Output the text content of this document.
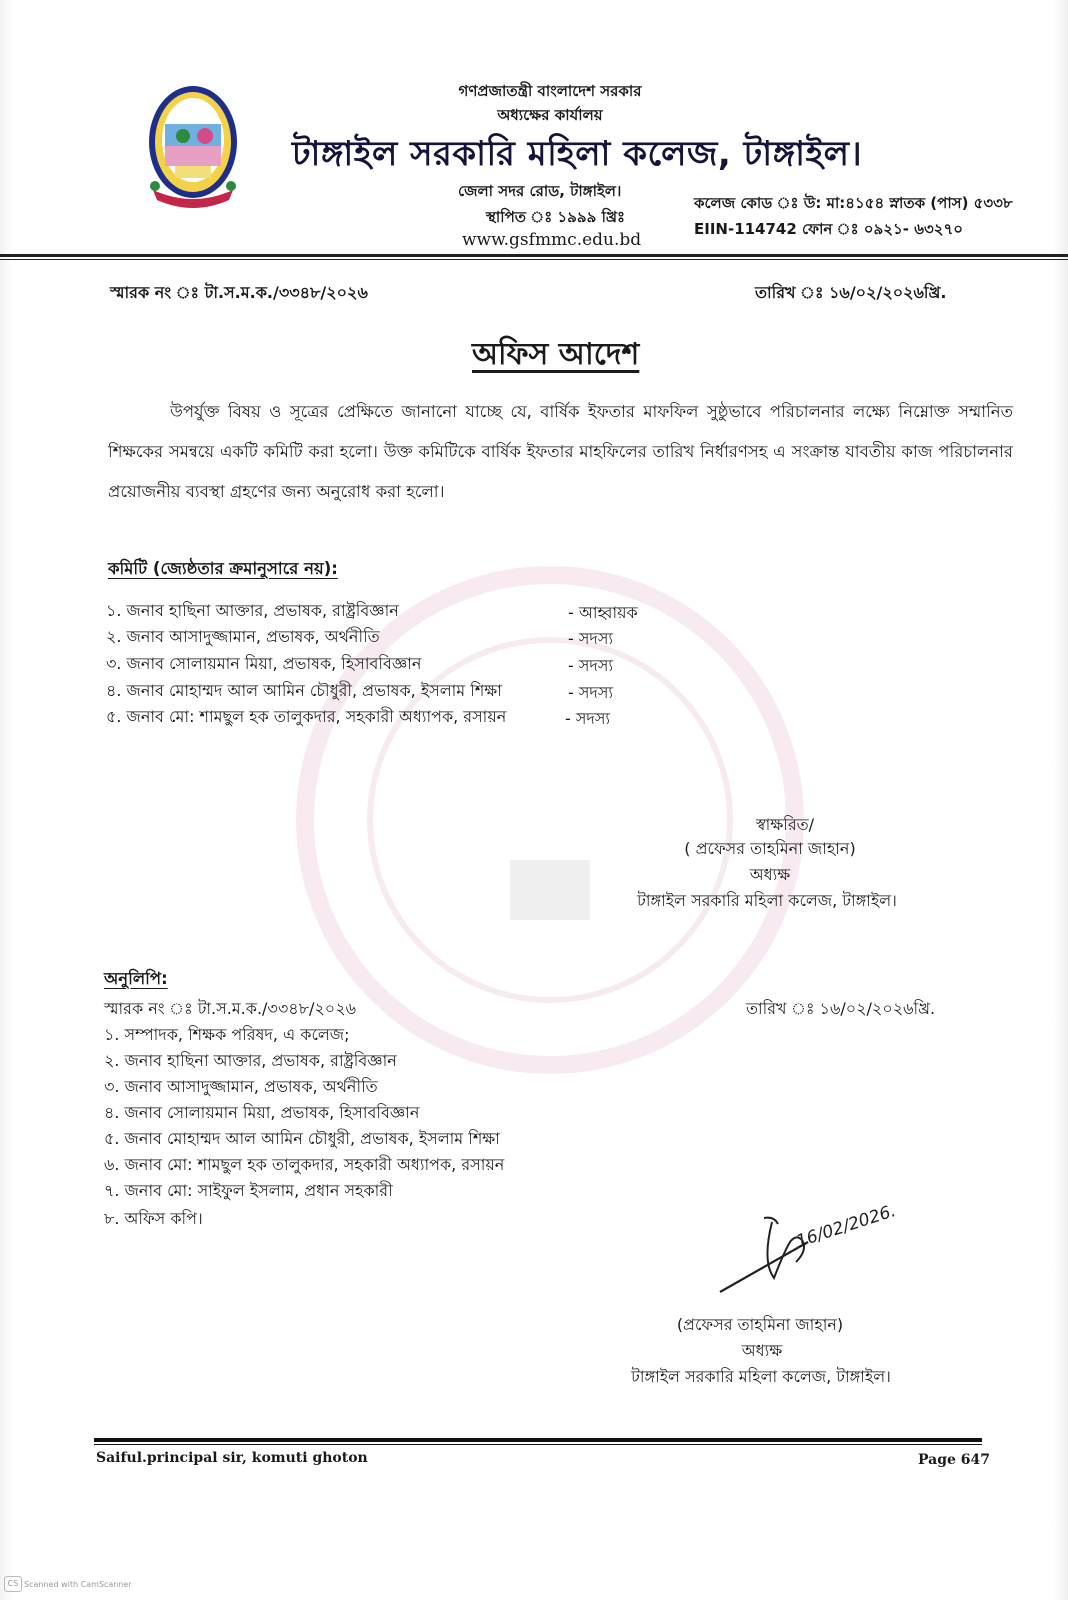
গণপ্রজাতন্ত্রী বাংলাদেশ সরকার
অধ্যক্ষের কার্যালয়
টাঙ্গাইল সরকারি মহিলা কলেজ, টাঙ্গাইল।
জেলা সদর রোড, টাঙ্গাইল।
স্থাপিত ঃ ১৯৯৯ খ্রিঃ
www.gsfmmc.edu.bd
কলেজ কোড ঃ উ: মা:৪১৫৪ স্নাতক (পাস) ৫৩৩৮
EIIN-114742 ফোন ঃ ০৯২১- ৬৩২৭০
স্মারক নং ঃ টা.স.ম.ক./৩৩৪৮/২০২৬	তারিখ ঃ ১৬/০২/২০২৬খ্রি.
অফিস আদেশ
উপর্যুক্ত বিষয় ও সূত্রের প্রেক্ষিতে জানানো যাচ্ছে যে, বার্ষিক ইফতার মাফফিল সুষ্ঠুভাবে পরিচালনার লক্ষ্যে নিম্নোক্ত সম্মানিত শিক্ষকের সমন্বয়ে একটি কমিটি করা হলো। উক্ত কমিটিকে বার্ষিক ইফতার মাহফিলের তারিখ নির্ধারণসহ এ সংক্রান্ত যাবতীয় কাজ পরিচালনার প্রয়োজনীয় ব্যবস্থা গ্রহণের জন্য অনুরোধ করা হলো।
কমিটি (জ্যেষ্ঠতার ক্রমানুসারে নয়):
১. জনাব হাছিনা আক্তার, প্রভাষক, রাষ্ট্রবিজ্ঞান	- আহ্বায়ক
২. জনাব আসাদুজ্জামান, প্রভাষক, অর্থনীতি	- সদস্য
৩. জনাব সোলায়মান মিয়া, প্রভাষক, হিসাববিজ্ঞান	- সদস্য
৪. জনাব মোহাম্মদ আল আমিন চৌধুরী, প্রভাষক, ইসলাম শিক্ষা	- সদস্য
৫. জনাব মো: শামছুল হক তালুকদার, সহকারী অধ্যাপক, রসায়ন	- সদস্য
স্বাক্ষরিত/
( প্রফেসর তাহমিনা জাহান)
অধ্যক্ষ
টাঙ্গাইল সরকারি মহিলা কলেজ, টাঙ্গাইল।
অনুলিপি:
স্মারক নং ঃ টা.স.ম.ক./৩৩৪৮/২০২৬	তারিখ ঃ ১৬/০২/২০২৬খ্রি.
১. সম্পাদক, শিক্ষক পরিষদ, এ কলেজ;
২. জনাব হাছিনা আক্তার, প্রভাষক, রাষ্ট্রবিজ্ঞান
৩. জনাব আসাদুজ্জামান, প্রভাষক, অর্থনীতি
৪. জনাব সোলায়মান মিয়া, প্রভাষক, হিসাববিজ্ঞান
৫. জনাব মোহাম্মদ আল আমিন চৌধুরী, প্রভাষক, ইসলাম শিক্ষা
৬. জনাব মো: শামছুল হক তালুকদার, সহকারী অধ্যাপক, রসায়ন
৭. জনাব মো: সাইফুল ইসলাম, প্রধান সহকারী
৮. অফিস কপি।	16/02/2026.
(প্রফেসর তাহমিনা জাহান)
অধ্যক্ষ
টাঙ্গাইল সরকারি মহিলা কলেজ, টাঙ্গাইল।
Saiful.principal sir, komuti ghoton	Page 647
CS Scanned with CamScanner
